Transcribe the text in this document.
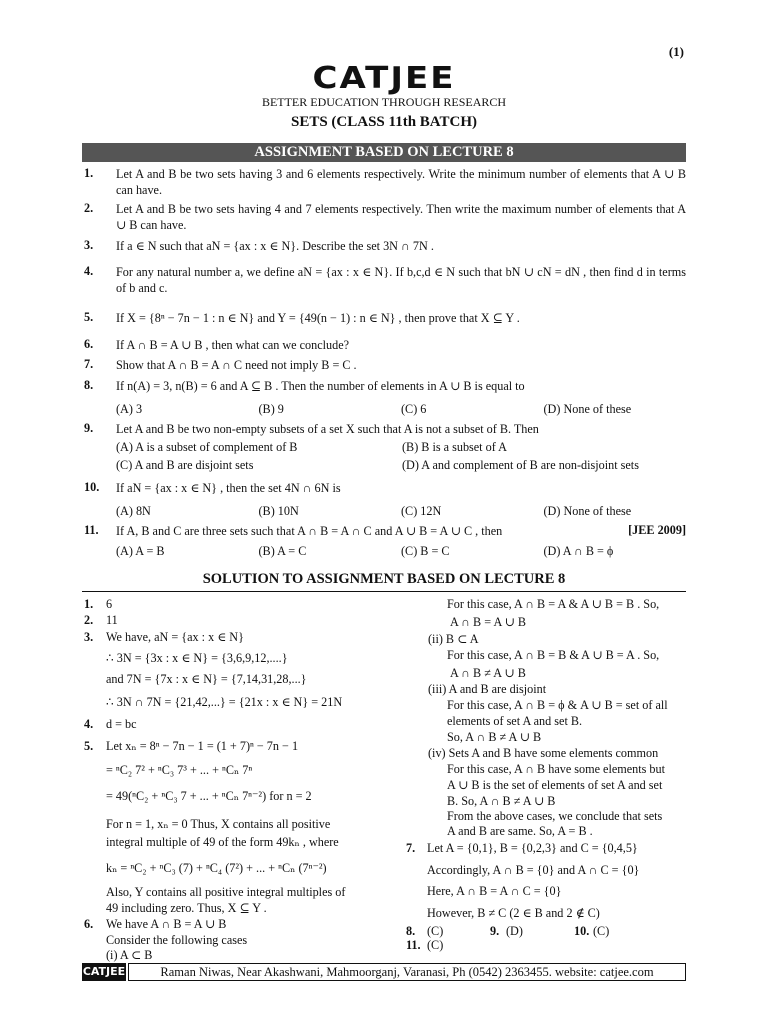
(1)
CATJEE
BETTER EDUCATION THROUGH RESEARCH
SETS (CLASS 11th BATCH)
ASSIGNMENT BASED ON LECTURE 8
1. Let A and B be two sets having 3 and 6 elements respectively. Write the minimum number of elements that A ∪ B can have.
2. Let A and B be two sets having 4 and 7 elements respectively. Then write the maximum number of elements that A ∪ B can have.
3. If a ∈ N such that aN = {ax : x ∈ N}. Describe the set 3N ∩ 7N .
4. For any natural number a, we define aN = {ax : x ∈ N}. If b,c,d ∈ N such that bN ∪ cN = dN , then find d in terms of b and c.
5. If X = {8ⁿ − 7n − 1 : n ∈ N} and Y = {49(n − 1) : n ∈ N} , then prove that X ⊆ Y .
6. If A ∩ B = A ∪ B , then what can we conclude?
7. Show that A ∩ B = A ∩ C need not imply B = C .
8. If n(A) = 3, n(B) = 6 and A ⊆ B . Then the number of elements in A ∪ B is equal to
(A) 3	(B) 9	(C) 6	(D) None of these
9. Let A and B be two non-empty subsets of a set X such that A is not a subset of B. Then
(A) A is a subset of complement of B	(B) B is a subset of A
(C) A and B are disjoint sets	(D) A and complement of B are non-disjoint sets
10. If aN = {ax : x ∈ N} , then the set 4N ∩ 6N is
(A) 8N	(B) 10N	(C) 12N	(D) None of these
11. If A, B and C are three sets such that A ∩ B = A ∩ C and A ∪ B = A ∪ C , then	[JEE 2009]
(A) A = B	(B) A = C	(C) B = C	(D) A ∩ B = ϕ
SOLUTION TO ASSIGNMENT BASED ON LECTURE 8
1. 6
2. 11
3. We have, aN = {ax : x ∈ N}
∴ 3N = {3x : x ∈ N} = {3,6,9,12,....}
and 7N = {7x : x ∈ N} = {7,14,31,28,...}
∴ 3N ∩ 7N = {21,42,...} = {21x : x ∈ N} = 21N
4. d = bc
5. Let xₙ = 8ⁿ − 7n − 1 = (1 + 7)ⁿ − 7n − 1
= ⁿC₂ 7² + ⁿC₃ 7³ + ... + ⁿCₙ 7ⁿ
= 49(ⁿC₂ + ⁿC₃ 7 + ... + ⁿCₙ 7ⁿ⁻²) for n = 2
For n = 1, xₙ = 0 Thus, X contains all positive
integral multiple of 49 of the form 49kₙ , where
kₙ = ⁿC₂ + ⁿC₃ (7) + ⁿC₄ (7²) + ... + ⁿCₙ (7ⁿ⁻²)
Also, Y contains all positive integral multiples of
49 including zero. Thus, X ⊆ Y .
6. We have A ∩ B = A ∪ B
Consider the following cases
(i) A ⊂ B
For this case, A ∩ B = A & A ∪ B = B . So,
A ∩ B = A ∪ B
(ii) B ⊂ A
For this case, A ∩ B = B & A ∪ B = A . So,
A ∩ B ≠ A ∪ B
(iii) A and B are disjoint
For this case, A ∩ B = ϕ & A ∪ B = set of all
elements of set A and set B.
So, A ∩ B ≠ A ∪ B
(iv) Sets A and B have some elements common
For this case, A ∩ B have some elements but
A ∪ B is the set of elements of set A and set
B. So, A ∩ B ≠ A ∪ B
From the above cases, we conclude that sets
A and B are same. So, A = B .
7. Let A = {0,1}, B = {0,2,3} and C = {0,4,5}
Accordingly, A ∩ B = {0} and A ∩ C = {0}
Here, A ∩ B = A ∩ C = {0}
However, B ≠ C (2 ∈ B and 2 ∉ C)
8. (C)	9. (D)	10. (C)
11. (C)
CATJEE	Raman Niwas, Near Akashwani, Mahmoorganj, Varanasi, Ph (0542) 2363455. website: catjee.com
